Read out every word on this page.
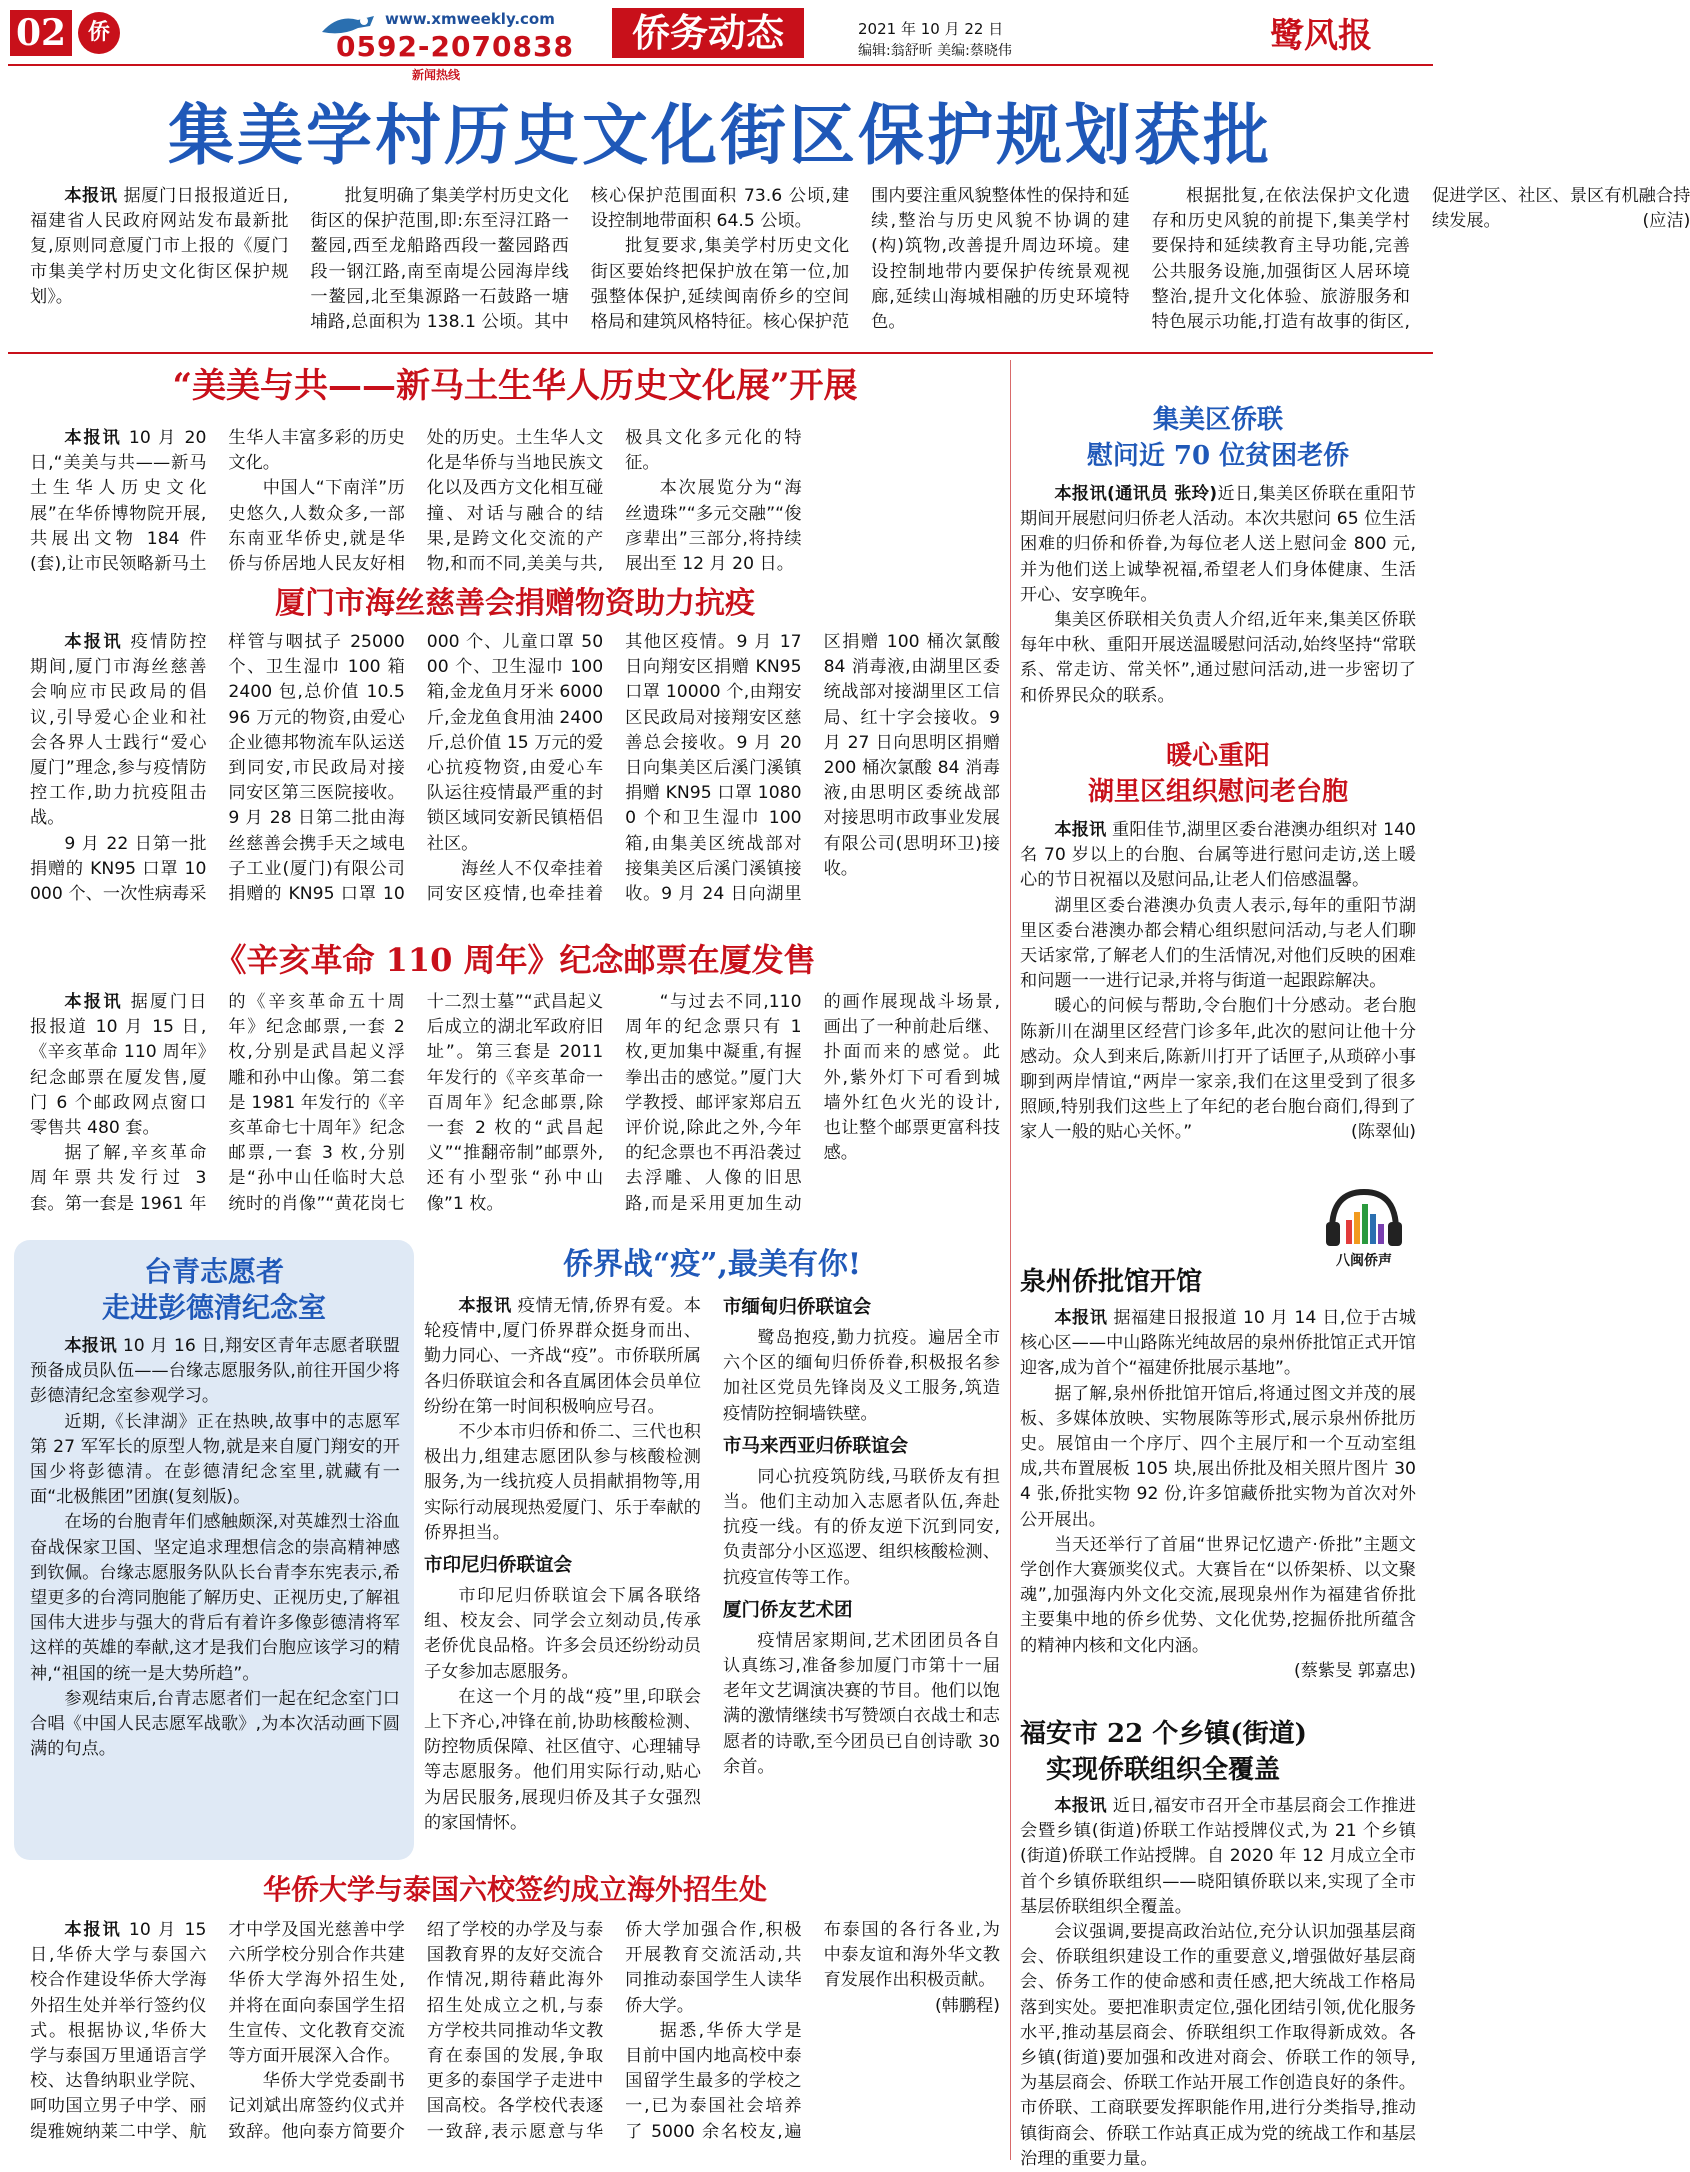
02 侨
www.xmweekly.com
0592-2070838
新闻热线
侨务动态	2021 年 10 月 22 日
编辑:翁舒昕 美编:蔡晓伟	鹭风报
集美学村历史文化街区保护规划获批

本报讯 据厦门日报报道近日,福建省人民政府网站发布最新批复,原则同意厦门市上报的《厦门市集美学村历史文化街区保护规划》。

批复明确了集美学村历史文化街区的保护范围,即:东至浔江路一鳌园,西至龙船路西段一鳌园路西段一钢江路,南至南堤公园海岸线一鳌园,北至集源路一石鼓路一塘埔路,总面积为 138.1 公顷。其中核心保护范围面积 73.6 公顷,建设控制地带面积 64.5 公顷。

批复要求,集美学村历史文化街区要始终把保护放在第一位,加强整体保护,延续闽南侨乡的空间格局和建筑风格特征。核心保护范围内要注重风貌整体性的保持和延续,整治与历史风貌不协调的建(构)筑物,改善提升周边环境。建设控制地带内要保护传统景观视廊,延续山海城相融的历史环境特色。

根据批复,在依法保护文化遗存和历史风貌的前提下,集美学村要保持和延续教育主导功能,完善公共服务设施,加强街区人居环境整治,提升文化体验、旅游服务和特色展示功能,打造有故事的街区,促进学区、社区、景区有机融合持续发展。	(应洁)

“美美与共——新马土生华人历史文化展”开展

本报讯 10 月 20 日,“美美与共——新马土生华人历史文化展”在华侨博物院开展,共展出文物 184 件(套),让市民领略新马土生华人丰富多彩的历史文化。

中国人“下南洋”历史悠久,人数众多,一部东南亚华侨史,就是华侨与侨居地人民友好相处的历史。土生华人文化是华侨与当地民族文化以及西方文化相互碰撞、对话与融合的结果,是跨文化交流的产物,和而不同,美美与共,极具文化多元化的特征。

本次展览分为“海丝遗珠”“多元交融”“俊彦辈出”三部分,将持续展出至 12 月 20 日。

厦门市海丝慈善会捐赠物资助力抗疫

本报讯 疫情防控期间,厦门市海丝慈善会响应市民政局的倡议,引导爱心企业和社会各界人士践行“爱心厦门”理念,参与疫情防控工作,助力抗疫阻击战。

9 月 22 日第一批捐赠的 KN95 口罩 10000 个、一次性病毒采样管与咽拭子 25000 个、卫生湿巾 100 箱 2400 包,总价值 10.596 万元的物资,由爱心企业德邦物流车队运送到同安,市民政局对接同安区第三医院接收。9 月 28 日第二批由海丝慈善会携手天之域电子工业(厦门)有限公司捐赠的 KN95 口罩 10000 个、儿童口罩 5000 个、卫生湿巾 100 箱,金龙鱼月牙米 6000 斤,金龙鱼食用油 2400 斤,总价值 15 万元的爱心抗疫物资,由爱心车队运往疫情最严重的封锁区域同安新民镇梧侣社区。

海丝人不仅牵挂着同安区疫情,也牵挂着其他区疫情。9 月 17 日向翔安区捐赠 KN95 口罩 10000 个,由翔安区民政局对接翔安区慈善总会接收。9 月 20 日向集美区后溪门溪镇捐赠 KN95 口罩 10800 个和卫生湿巾 100 箱,由集美区统战部对接集美区后溪门溪镇接收。9 月 24 日向湖里区捐赠 100 桶次氯酸 84 消毒液,由湖里区委统战部对接湖里区工信局、红十字会接收。9 月 27 日向思明区捐赠 200 桶次氯酸 84 消毒液,由思明区委统战部对接思明市政事业发展有限公司(思明环卫)接收。

《辛亥革命 110 周年》纪念邮票在厦发售

本报讯 据厦门日报报道 10 月 15 日,《辛亥革命 110 周年》纪念邮票在厦发售,厦门 6 个邮政网点窗口零售共 480 套。

据了解,辛亥革命周年票共发行过 3 套。第一套是 1961 年的《辛亥革命五十周年》纪念邮票,一套 2 枚,分别是武昌起义浮雕和孙中山像。第二套是 1981 年发行的《辛亥革命七十周年》纪念邮票,一套 3 枚,分别是“孙中山任临时大总统时的肖像”“黄花岗七十二烈士墓”“武昌起义后成立的湖北军政府旧址”。第三套是 2011 年发行的《辛亥革命一百周年》纪念邮票,除一套 2 枚的“武昌起义”“推翻帝制”邮票外,还有小型张“孙中山像”1 枚。

“与过去不同,110 周年的纪念票只有 1 枚,更加集中凝重,有握拳出击的感觉。”厦门大学教授、邮评家郑启五评价说,除此之外,今年的纪念票也不再沿袭过去浮雕、人像的旧思路,而是采用更加生动的画作展现战斗场景,画出了一种前赴后继、扑面而来的感觉。此外,紫外灯下可看到城墙外红色火光的设计,也让整个邮票更富科技感。

台青志愿者
走进彭德清纪念室

本报讯 10 月 16 日,翔安区青年志愿者联盟预备成员队伍——台缘志愿服务队,前往开国少将彭德清纪念室参观学习。

近期,《长津湖》正在热映,故事中的志愿军第 27 军军长的原型人物,就是来自厦门翔安的开国少将彭德清。在彭德清纪念室里,就藏有一面“北极熊团”团旗(复刻版)。

在场的台胞青年们感触颇深,对英雄烈士浴血奋战保家卫国、坚定追求理想信念的崇高精神感到钦佩。台缘志愿服务队队长台青李东宪表示,希望更多的台湾同胞能了解历史、正视历史,了解祖国伟大进步与强大的背后有着许多像彭德清将军这样的英雄的奉献,这才是我们台胞应该学习的精神,“祖国的统一是大势所趋”。

参观结束后,台青志愿者们一起在纪念室门口合唱《中国人民志愿军战歌》,为本次活动画下圆满的句点。

侨界战“疫”,最美有你!

本报讯 疫情无情,侨界有爱。本轮疫情中,厦门侨界群众挺身而出、勤力同心、一齐战“疫”。市侨联所属各归侨联谊会和各直属团体会员单位纷纷在第一时间积极响应号召。

不少本市归侨和侨二、三代也积极出力,组建志愿团队参与核酸检测服务,为一线抗疫人员捐献捐物等,用实际行动展现热爱厦门、乐于奉献的侨界担当。

市印尼归侨联谊会

市印尼归侨联谊会下属各联络组、校友会、同学会立刻动员,传承老侨优良品格。许多会员还纷纷动员子女参加志愿服务。

在这一个月的战“疫”里,印联会上下齐心,冲锋在前,协助核酸检测、防控物质保障、社区值守、心理辅导等志愿服务。他们用实际行动,贴心为居民服务,展现归侨及其子女强烈的家国情怀。

市缅甸归侨联谊会

鹭岛抱疫,勤力抗疫。遍居全市六个区的缅甸归侨侨眷,积极报名参加社区党员先锋岗及义工服务,筑造疫情防控铜墙铁壁。

市马来西亚归侨联谊会

同心抗疫筑防线,马联侨友有担当。他们主动加入志愿者队伍,奔赴抗疫一线。有的侨友逆下沉到同安,负责部分小区巡逻、组织核酸检测、抗疫宣传等工作。

厦门侨友艺术团

疫情居家期间,艺术团团员各自认真练习,准备参加厦门市第十一届老年文艺调演决赛的节目。他们以饱满的激情继续书写赞颂白衣战士和志愿者的诗歌,至今团员已自创诗歌 30 余首。

华侨大学与泰国六校签约成立海外招生处

本报讯 10 月 15 日,华侨大学与泰国六校合作建设华侨大学海外招生处并举行签约仪式。根据协议,华侨大学与泰国万里通语言学校、达鲁纳职业学院、呵叻国立男子中学、丽缇雅婉纳莱二中学、航才中学及国光慈善中学六所学校分别合作共建华侨大学海外招生处,并将在面向泰国学生招生宣传、文化教育交流等方面开展深入合作。

华侨大学党委副书记刘斌出席签约仪式并致辞。他向泰方简要介绍了学校的办学及与泰国教育界的友好交流合作情况,期待藉此海外招生处成立之机,与泰方学校共同推动华文教育在泰国的发展,争取更多的泰国学子走进中国高校。各学校代表逐一致辞,表示愿意与华侨大学加强合作,积极开展教育交流活动,共同推动泰国学生人读华侨大学。

据悉,华侨大学是目前中国内地高校中泰国留学生最多的学校之一,已为泰国社会培养了 5000 余名校友,遍布泰国的各行各业,为中泰友谊和海外华文教育发展作出积极贡献。

(韩鹏程)

集美区侨联
慰问近 70 位贫困老侨

本报讯(通讯员 张玲)近日,集美区侨联在重阳节期间开展慰问归侨老人活动。本次共慰问 65 位生活困难的归侨和侨眷,为每位老人送上慰问金 800 元,并为他们送上诚挚祝福,希望老人们身体健康、生活开心、安享晚年。

集美区侨联相关负责人介绍,近年来,集美区侨联每年中秋、重阳开展送温暖慰问活动,始终坚持“常联系、常走访、常关怀”,通过慰问活动,进一步密切了和侨界民众的联系。

暖心重阳
湖里区组织慰问老台胞

本报讯 重阳佳节,湖里区委台港澳办组织对 140 名 70 岁以上的台胞、台属等进行慰问走访,送上暖心的节日祝福以及慰问品,让老人们倍感温馨。

湖里区委台港澳办负责人表示,每年的重阳节湖里区委台港澳办都会精心组织慰问活动,与老人们聊天话家常,了解老人们的生活情况,对他们反映的困难和问题一一进行记录,并将与街道一起跟踪解决。

暖心的问候与帮助,令台胞们十分感动。老台胞陈新川在湖里区经营门诊多年,此次的慰问让他十分感动。众人到来后,陈新川打开了话匣子,从琐碎小事聊到两岸情谊,“两岸一家亲,我们在这里受到了很多照顾,特别我们这些上了年纪的老台胞台商们,得到了家人一般的贴心关怀。”	(陈翠仙)

八闽侨声
泉州侨批馆开馆

本报讯 据福建日报报道 10 月 14 日,位于古城核心区——中山路陈光纯故居的泉州侨批馆正式开馆迎客,成为首个“福建侨批展示基地”。

据了解,泉州侨批馆开馆后,将通过图文并茂的展板、多媒体放映、实物展陈等形式,展示泉州侨批历史。展馆由一个序厅、四个主展厅和一个互动室组成,共布置展板 105 块,展出侨批及相关照片图片 304 张,侨批实物 92 份,许多馆藏侨批实物为首次对外公开展出。

当天还举行了首届“世界记忆遗产·侨批”主题文学创作大赛颁奖仪式。大赛旨在“以侨架桥、以文聚魂”,加强海内外文化交流,展现泉州作为福建省侨批主要集中地的侨乡优势、文化优势,挖掘侨批所蕴含的精神内核和文化内涵。

(蔡紫旻 郭嘉忠)

福安市 22 个乡镇(街道)
实现侨联组织全覆盖

本报讯 近日,福安市召开全市基层商会工作推进会暨乡镇(街道)侨联工作站授牌仪式,为 21 个乡镇(街道)侨联工作站授牌。自 2020 年 12 月成立全市首个乡镇侨联组织——晓阳镇侨联以来,实现了全市基层侨联组织全覆盖。

会议强调,要提高政治站位,充分认识加强基层商会、侨联组织建设工作的重要意义,增强做好基层商会、侨务工作的使命感和责任感,把大统战工作格局落到实处。要把准职责定位,强化团结引领,优化服务水平,推动基层商会、侨联组织工作取得新成效。各乡镇(街道)要加强和改进对商会、侨联工作的领导,为基层商会、侨联工作站开展工作创造良好的条件。市侨联、工商联要发挥职能作用,进行分类指导,推动镇街商会、侨联工作站真正成为党的统战工作和基层治理的重要力量。
